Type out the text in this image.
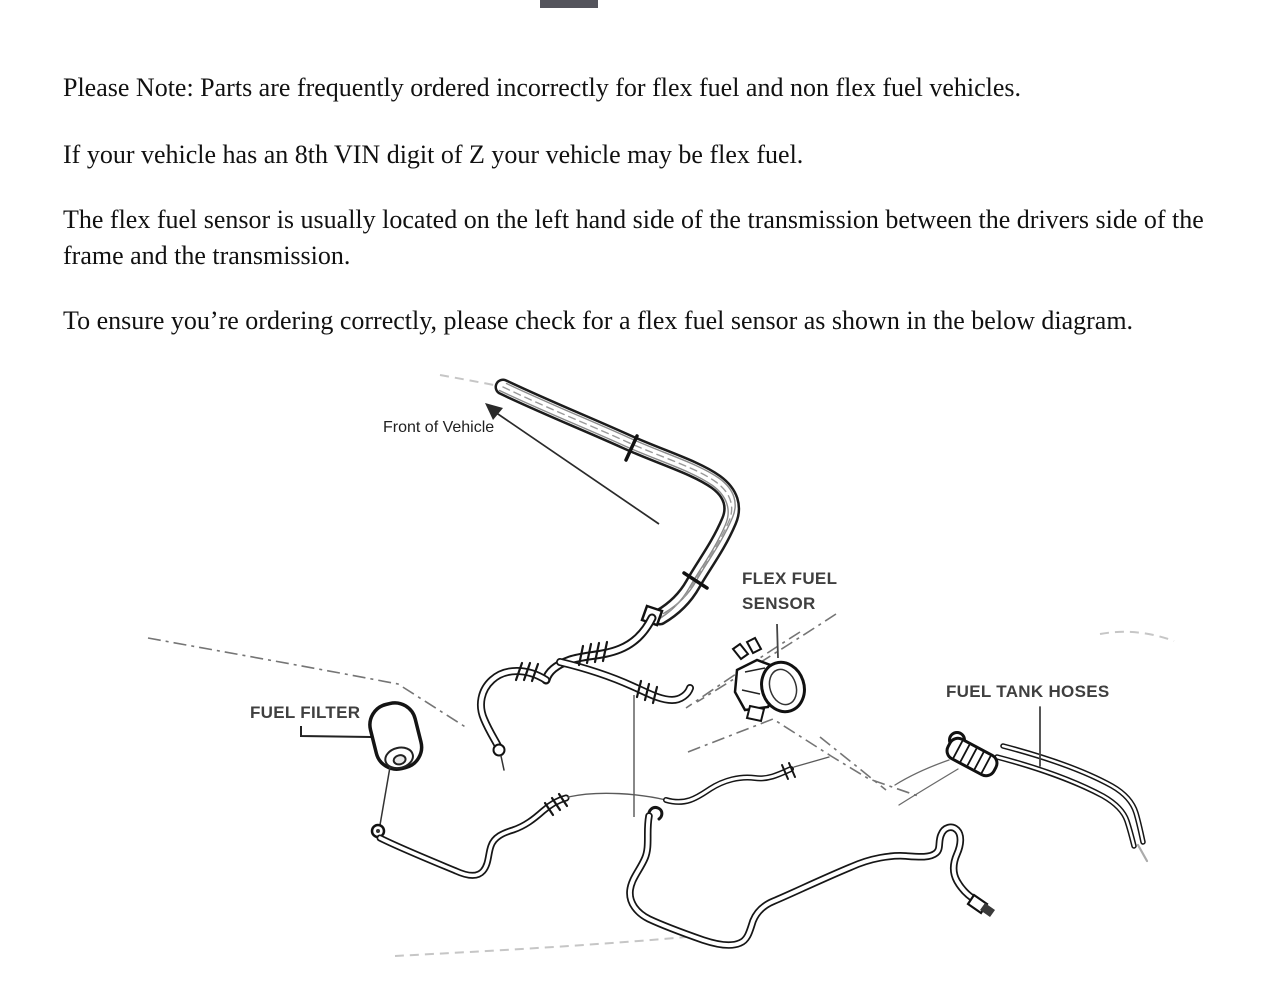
Please Note: Parts are frequently ordered incorrectly for flex fuel and non flex fuel vehicles.

If your vehicle has an 8th VIN digit of Z your vehicle may be flex fuel.

The flex fuel sensor is usually located on the left hand side of the transmission between the drivers side of the frame and the transmission.

To ensure you’re ordering correctly, please check for a flex fuel sensor as shown in the below diagram.

Front of Vehicle
FLEX FUEL
SENSOR
FUEL FILTER
FUEL TANK HOSES
